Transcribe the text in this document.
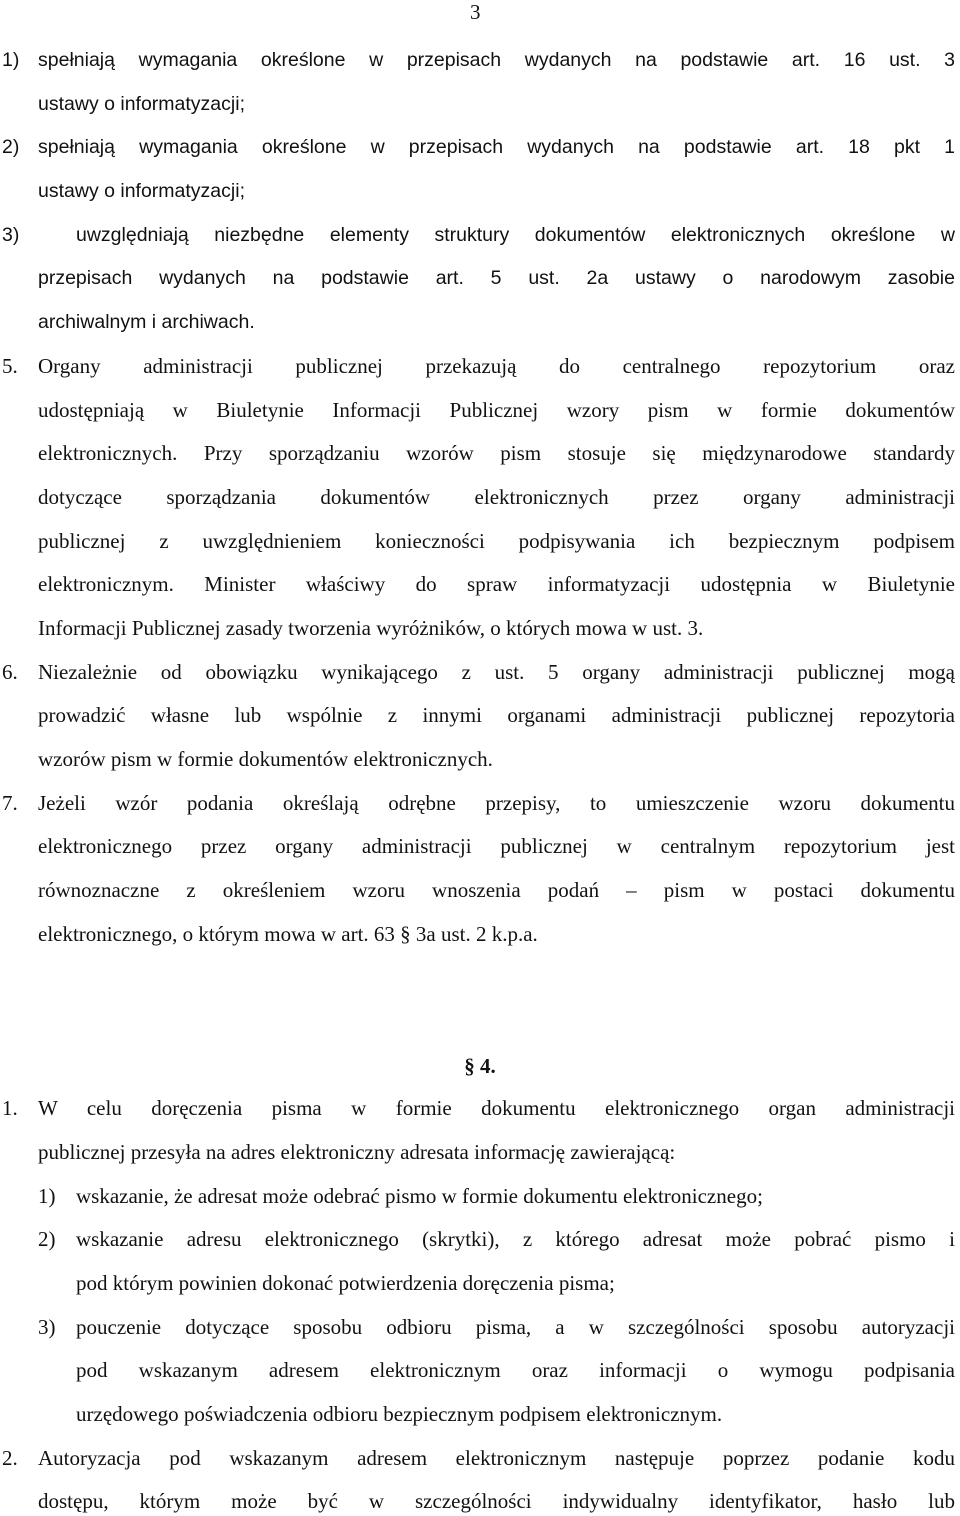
3
1) spełniają wymagania określone w przepisach wydanych na podstawie art. 16 ust. 3
ustawy o informatyzacji;
2) spełniają wymagania określone w przepisach wydanych na podstawie art. 18 pkt 1
ustawy o informatyzacji;
3)	uwzględniają niezbędne elementy struktury dokumentów elektronicznych określone w
przepisach wydanych na podstawie art. 5 ust. 2a ustawy o narodowym zasobie
archiwalnym i archiwach.
5. Organy administracji publicznej przekazują do centralnego repozytorium oraz
udostępniają w Biuletynie Informacji Publicznej wzory pism w formie dokumentów
elektronicznych. Przy sporządzaniu wzorów pism stosuje się międzynarodowe standardy
dotyczące sporządzania dokumentów elektronicznych przez organy administracji
publicznej z uwzględnieniem konieczności podpisywania ich bezpiecznym podpisem
elektronicznym. Minister właściwy do spraw informatyzacji udostępnia w Biuletynie
Informacji Publicznej zasady tworzenia wyróżników, o których mowa w ust. 3.
6. Niezależnie od obowiązku wynikającego z ust. 5 organy administracji publicznej mogą
prowadzić własne lub wspólnie z innymi organami administracji publicznej repozytoria
wzorów pism w formie dokumentów elektronicznych.
7. Jeżeli wzór podania określają odrębne przepisy, to umieszczenie wzoru dokumentu
elektronicznego przez organy administracji publicznej w centralnym repozytorium jest
równoznaczne z określeniem wzoru wnoszenia podań – pism w postaci dokumentu
elektronicznego, o którym mowa w art. 63 § 3a ust. 2 k.p.a.
§ 4.
1. W celu doręczenia pisma w formie dokumentu elektronicznego organ administracji
publicznej przesyła na adres elektroniczny adresata informację zawierającą:
1) wskazanie, że adresat może odebrać pismo w formie dokumentu elektronicznego;
2) wskazanie adresu elektronicznego (skrytki), z którego adresat może pobrać pismo i
pod którym powinien dokonać potwierdzenia doręczenia pisma;
3) pouczenie dotyczące sposobu odbioru pisma, a w szczególności sposobu autoryzacji
pod wskazanym adresem elektronicznym oraz informacji o wymogu podpisania
urzędowego poświadczenia odbioru bezpiecznym podpisem elektronicznym.
2. Autoryzacja pod wskazanym adresem elektronicznym następuje poprzez podanie kodu
dostępu, którym może być w szczególności indywidualny identyfikator, hasło lub
